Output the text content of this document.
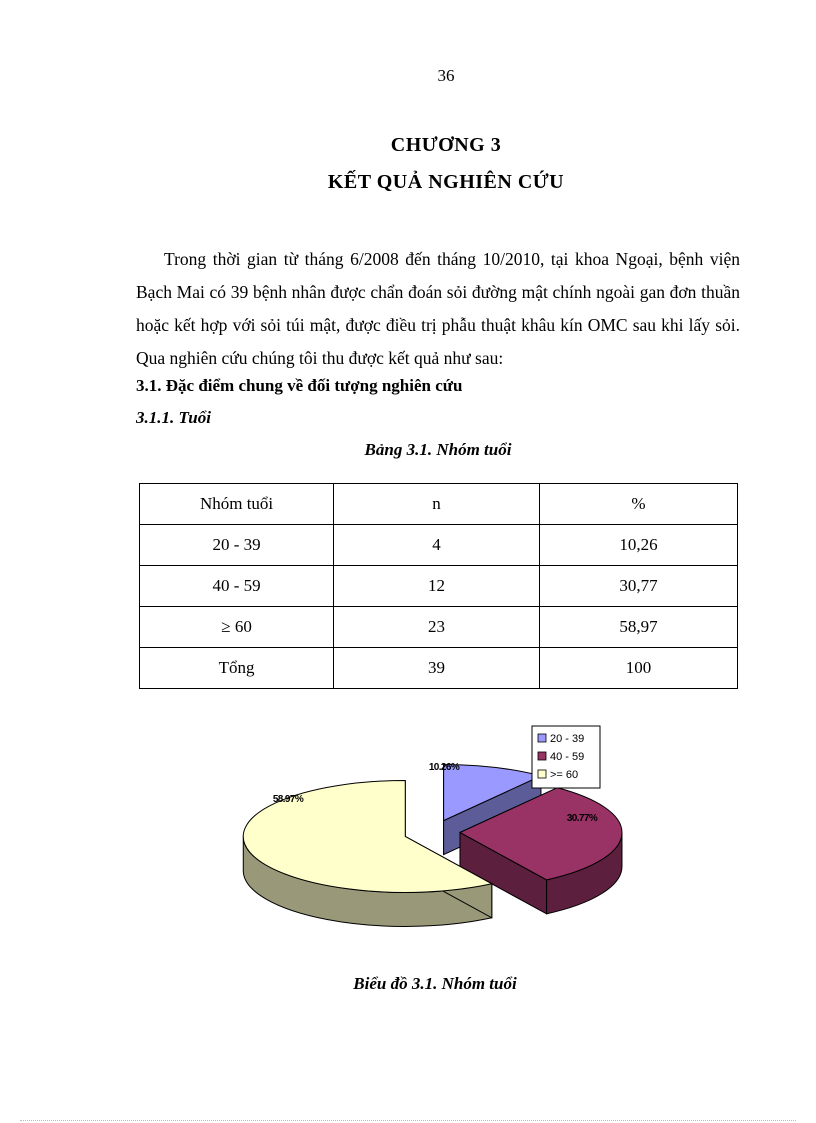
36
CHƯƠNG 3
KẾT QUẢ NGHIÊN CỨU

Trong thời gian từ tháng 6/2008 đến tháng 10/2010, tại khoa Ngoại, bệnh viện Bạch Mai có 39 bệnh nhân được chẩn đoán sỏi đường mật chính ngoài gan đơn thuần hoặc kết hợp với sỏi túi mật, được điều trị phẫu thuật khâu kín OMC sau khi lấy sỏi. Qua nghiên cứu chúng tôi thu được kết quả như sau:

3.1. Đặc điểm chung về đối tượng nghiên cứu
3.1.1. Tuổi
Bảng 3.1. Nhóm tuổi
Nhóm tuổi	n	%
20 - 39	4	10,26
40 - 59	12	30,77
≥ 60	23	58,97
Tổng	39	100
10.26%
30.77%
58.97%
20 - 39
40 - 59
>= 60
Biểu đồ 3.1. Nhóm tuổi
